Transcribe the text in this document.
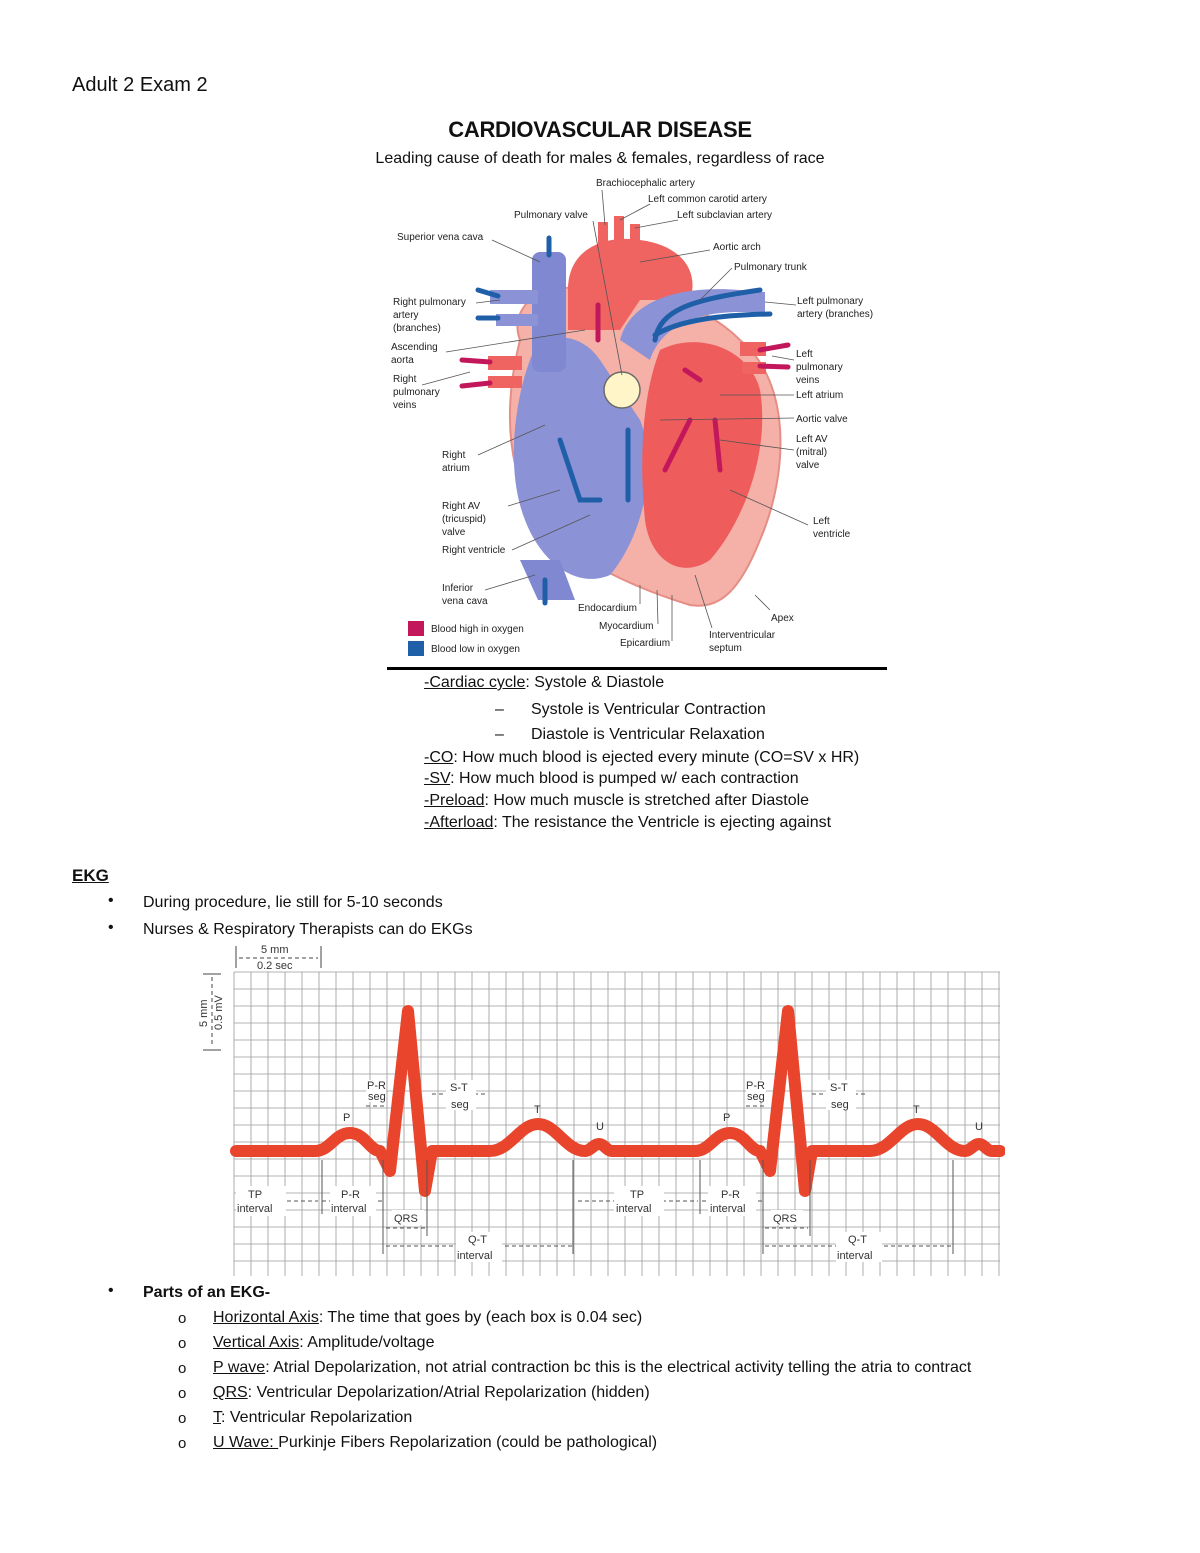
Adult 2 Exam 2
CARDIOVASCULAR DISEASE
Leading cause of death for males & females, regardless of race
Brachiocephalic artery
Left common carotid artery
Left subclavian artery
Pulmonary valve
Superior vena cava
Aortic arch
Pulmonary trunk
Right pulmonary
artery
(branches)
Left pulmonary
artery (branches)
Ascending
aorta
Right
pulmonary
veins
Left
pulmonary
veins
Left atrium
Aortic valve
Right
atrium
Left AV
(mitral)
valve
Right AV
(tricuspid)
valve
Left
ventricle
Right ventricle
Inferior
vena cava
Endocardium
Myocardium
Epicardium
Apex
Interventricular
septum
Blood high in oxygen
Blood low in oxygen
-Cardiac cycle: Systole & Diastole
– Systole is Ventricular Contraction
– Diastole is Ventricular Relaxation
-CO: How much blood is ejected every minute (CO=SV x HR)
-SV: How much blood is pumped w/ each contraction
-Preload: How much muscle is stretched after Diastole
-Afterload: The resistance the Ventricle is ejecting against
EKG
• During procedure, lie still for 5-10 seconds
• Nurses & Respiratory Therapists can do EKGs
5 mm
0.2 sec
5 mm 0.5 mV
P-R
seg
S-T
seg
P
T
U
P-R
seg
S-T
seg
P
T
U
TP
interval
P-R
interval
QRS
Q-T
interval
TP
interval
P-R
interval
QRS
Q-T
interval
• Parts of an EKG-
o Horizontal Axis: The time that goes by (each box is 0.04 sec)
o Vertical Axis: Amplitude/voltage
o P wave: Atrial Depolarization, not atrial contraction bc this is the electrical activity telling the atria to contract
o QRS: Ventricular Depolarization/Atrial Repolarization (hidden)
o T: Ventricular Repolarization
o U Wave: Purkinje Fibers Repolarization (could be pathological)
